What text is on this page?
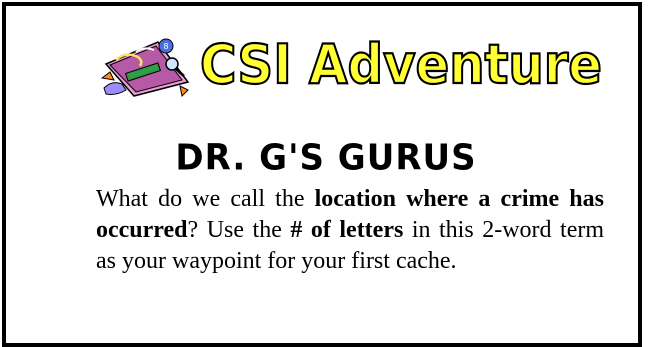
8 CSI Adventure
DR. G'S GURUS

What do we call the location where a crime has occurred? Use the # of letters in this 2-word term as your waypoint for your first cache.
